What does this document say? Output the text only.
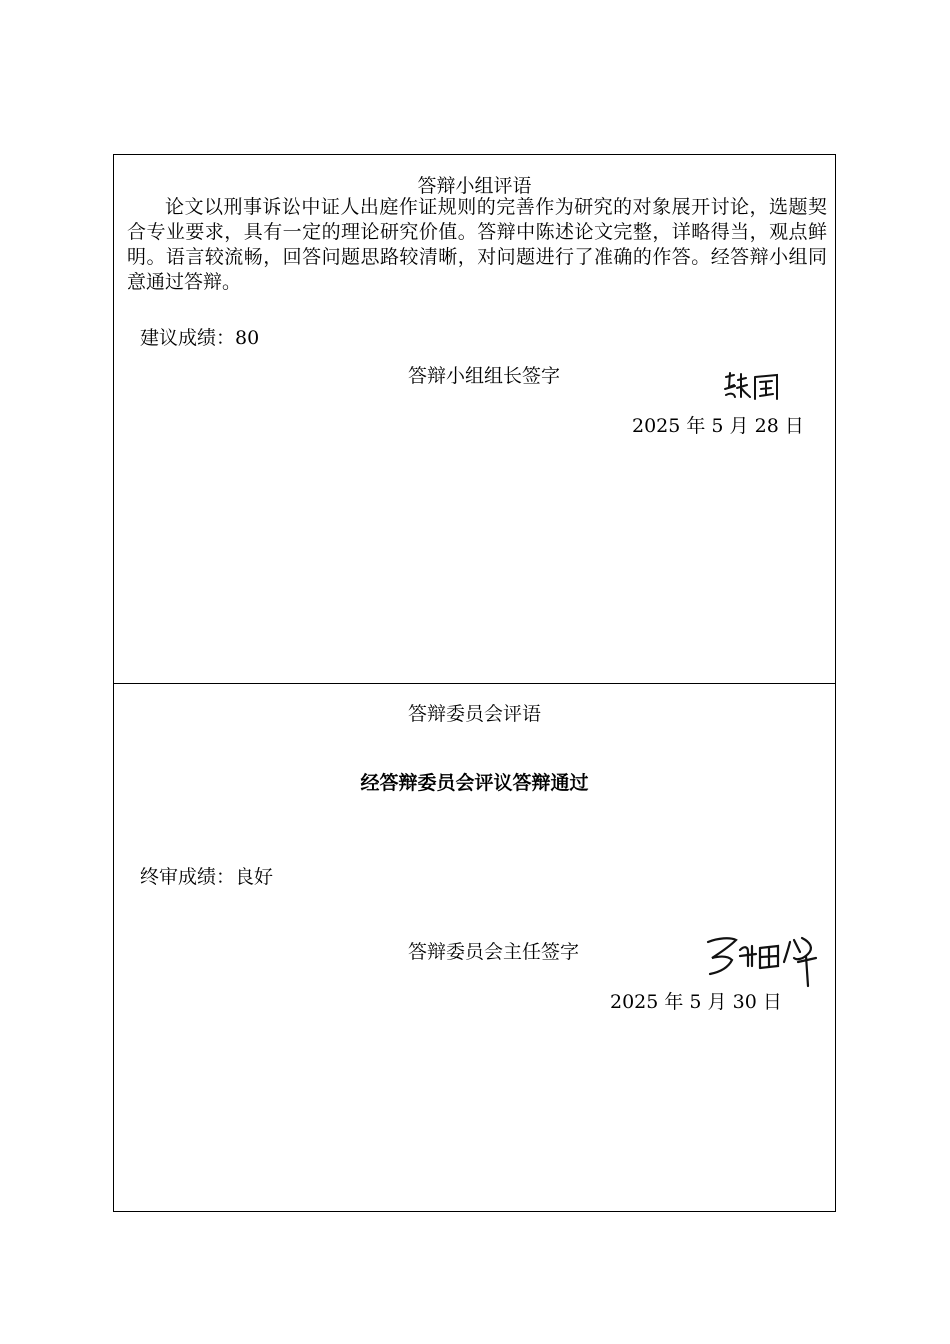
答辩小组评语

论文以刑事诉讼中证人出庭作证规则的完善作为研究的对象展开讨论，选题契合专业要求，具有一定的理论研究价值。答辩中陈述论文完整，详略得当，观点鲜明。语言较流畅，回答问题思路较清晰，对问题进行了准确的作答。经答辩小组同意通过答辩。

建议成绩：80
答辩小组组长签字
2025 年 5 月 28 日
答辩委员会评语
经答辩委员会评议答辩通过
终审成绩：良好
答辩委员会主任签字
2025 年 5 月 30 日
